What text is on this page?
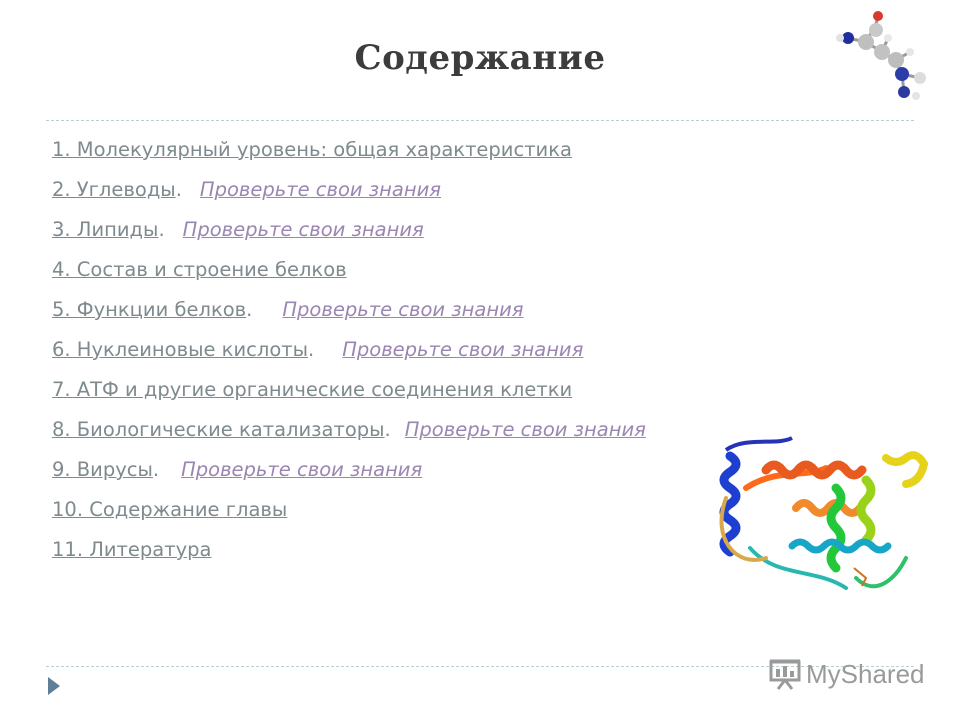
Содержание
1. Молекулярный уровень: общая характеристика
2. Углеводы. Проверьте свои знания
3. Липиды. Проверьте свои знания
4. Состав и строение белков
5. Функции белков. Проверьте свои знания
6. Нуклеиновые кислоты. Проверьте свои знания
7. АТФ и другие органические соединения клетки
8. Биологические катализаторы. Проверьте свои знания
9. Вирусы. Проверьте свои знания
10. Содержание главы
11. Литература
MyShared
